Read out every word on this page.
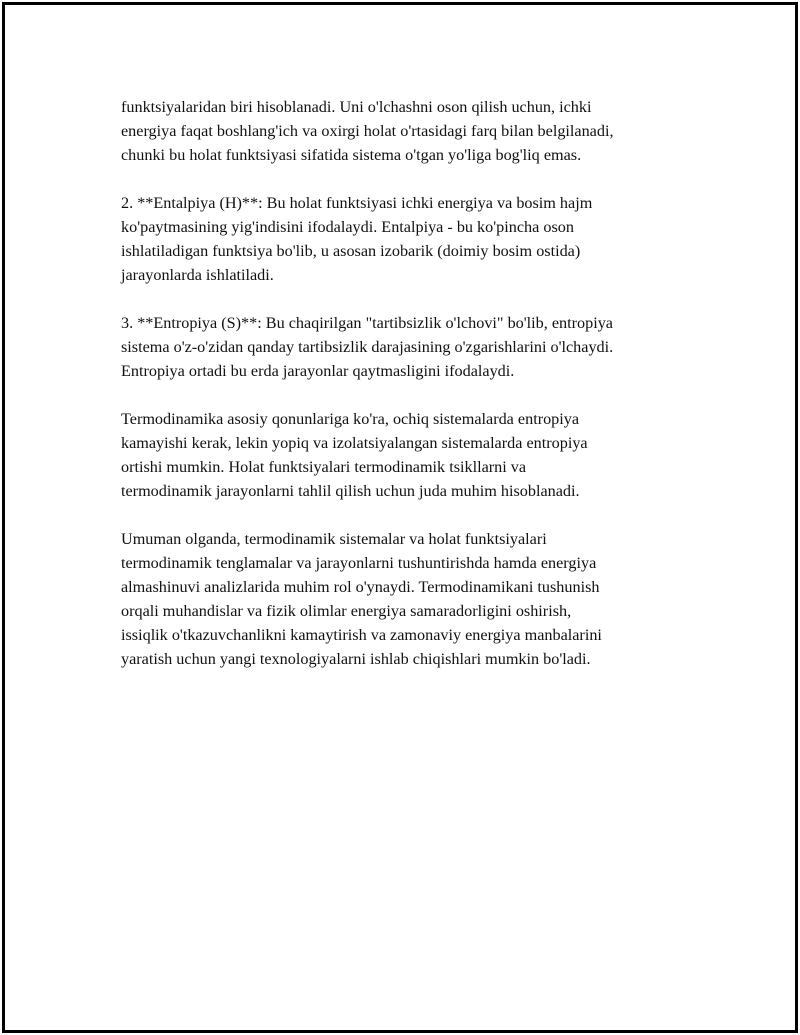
funktsiyalaridan biri hisoblanadi. Uni o'lchashni oson qilish uchun, ichki
energiya faqat boshlang'ich va oxirgi holat o'rtasidagi farq bilan belgilanadi,
chunki bu holat funktsiyasi sifatida sistema o'tgan yo'liga bog'liq emas.

2. **Entalpiya (H)**: Bu holat funktsiyasi ichki energiya va bosim hajm
ko'paytmasining yig'indisini ifodalaydi. Entalpiya - bu ko'pincha oson
ishlatiladigan funktsiya bo'lib, u asosan izobarik (doimiy bosim ostida)
jarayonlarda ishlatiladi.

3. **Entropiya (S)**: Bu chaqirilgan "tartibsizlik o'lchovi" bo'lib, entropiya
sistema o'z-o'zidan qanday tartibsizlik darajasining o'zgarishlarini o'lchaydi.
Entropiya ortadi bu erda jarayonlar qaytmasligini ifodalaydi.

Termodinamika asosiy qonunlariga ko'ra, ochiq sistemalarda entropiya
kamayishi kerak, lekin yopiq va izolatsiyalangan sistemalarda entropiya
ortishi mumkin. Holat funktsiyalari termodinamik tsikllarni va
termodinamik jarayonlarni tahlil qilish uchun juda muhim hisoblanadi.

Umuman olganda, termodinamik sistemalar va holat funktsiyalari
termodinamik tenglamalar va jarayonlarni tushuntirishda hamda energiya
almashinuvi analizlarida muhim rol o'ynaydi. Termodinamikani tushunish
orqali muhandislar va fizik olimlar energiya samaradorligini oshirish,
issiqlik o'tkazuvchanlikni kamaytirish va zamonaviy energiya manbalarini
yaratish uchun yangi texnologiyalarni ishlab chiqishlari mumkin bo'ladi.
